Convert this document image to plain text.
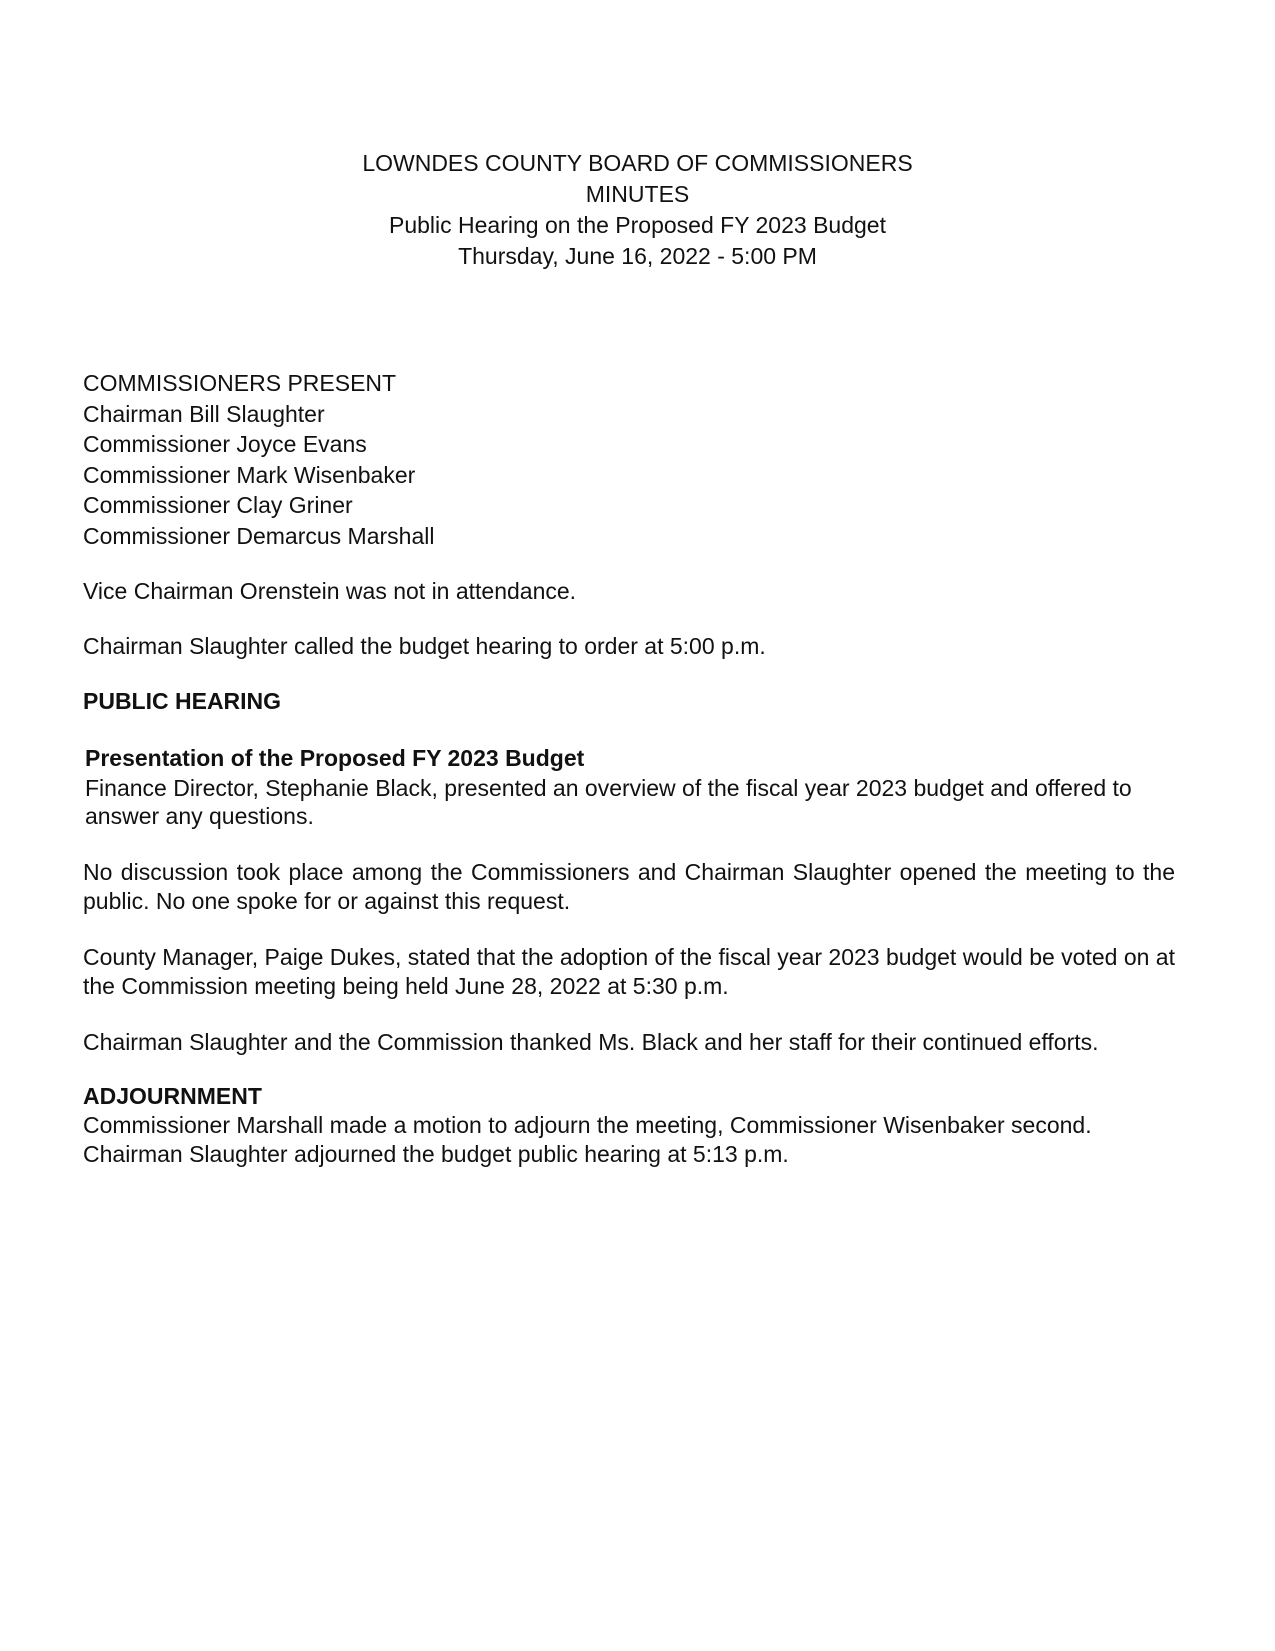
LOWNDES COUNTY BOARD OF COMMISSIONERS
MINUTES
Public Hearing on the Proposed FY 2023 Budget
Thursday, June 16, 2022 - 5:00 PM
COMMISSIONERS PRESENT
Chairman Bill Slaughter
Commissioner Joyce Evans
Commissioner Mark Wisenbaker
Commissioner Clay Griner
Commissioner Demarcus Marshall

Vice Chairman Orenstein was not in attendance.

Chairman Slaughter called the budget hearing to order at 5:00 p.m.

PUBLIC HEARING
Presentation of the Proposed FY 2023 Budget

Finance Director, Stephanie Black, presented an overview of the fiscal year 2023 budget and offered to answer any questions.

No discussion took place among the Commissioners and Chairman Slaughter opened the meeting to the public. No one spoke for or against this request.

County Manager, Paige Dukes, stated that the adoption of the fiscal year 2023 budget would be voted on at the Commission meeting being held June 28, 2022 at 5:30 p.m.

Chairman Slaughter and the Commission thanked Ms. Black and her staff for their continued efforts.

ADJOURNMENT

Commissioner Marshall made a motion to adjourn the meeting, Commissioner Wisenbaker second. Chairman Slaughter adjourned the budget public hearing at 5:13 p.m.
